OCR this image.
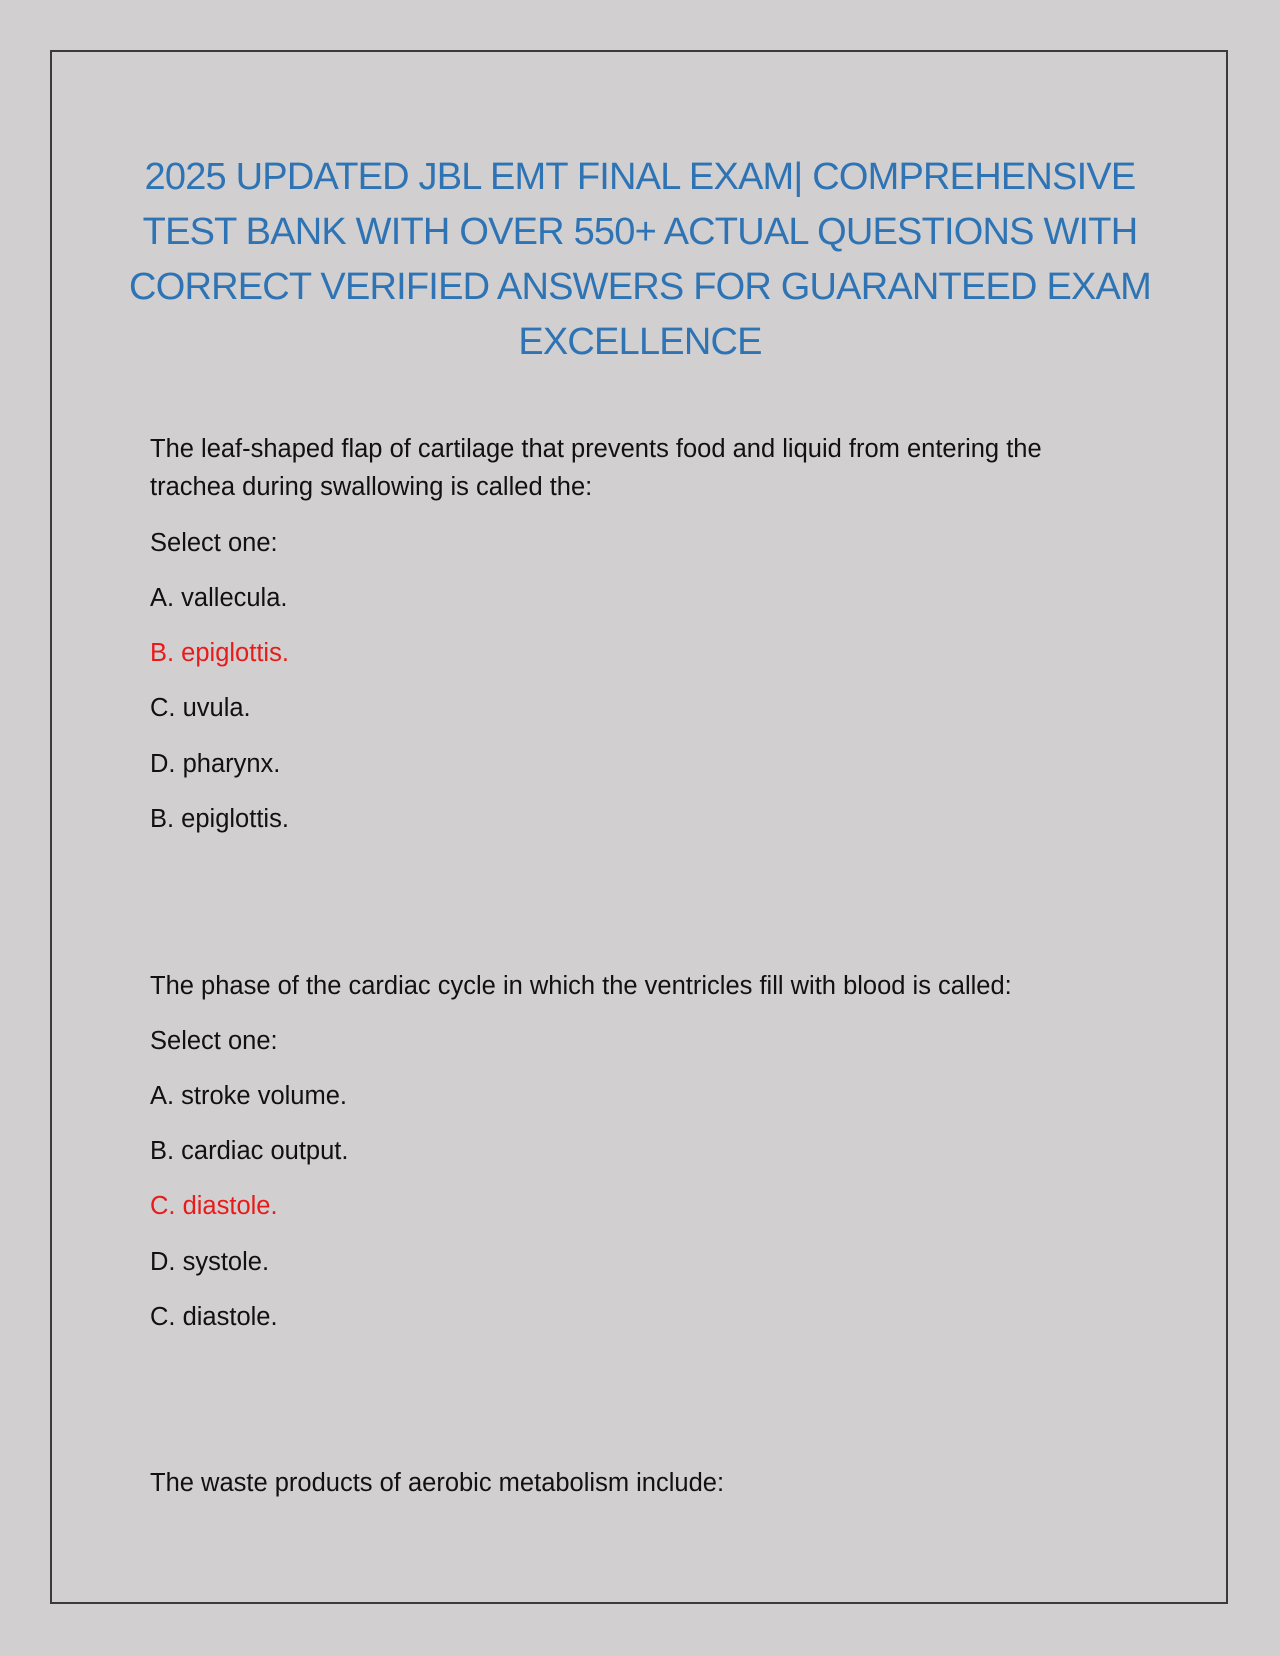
2025 UPDATED JBL EMT FINAL EXAM| COMPREHENSIVE TEST BANK WITH OVER 550+ ACTUAL QUESTIONS WITH CORRECT VERIFIED ANSWERS FOR GUARANTEED EXAM EXCELLENCE

The leaf-shaped flap of cartilage that prevents food and liquid from entering the trachea during swallowing is called the:

Select one:

A. vallecula.

B. epiglottis.

C. uvula.

D. pharynx.

B. epiglottis.

The phase of the cardiac cycle in which the ventricles fill with blood is called:

Select one:

A. stroke volume.

B. cardiac output.

C. diastole.

D. systole.

C. diastole.

The waste products of aerobic metabolism include:
